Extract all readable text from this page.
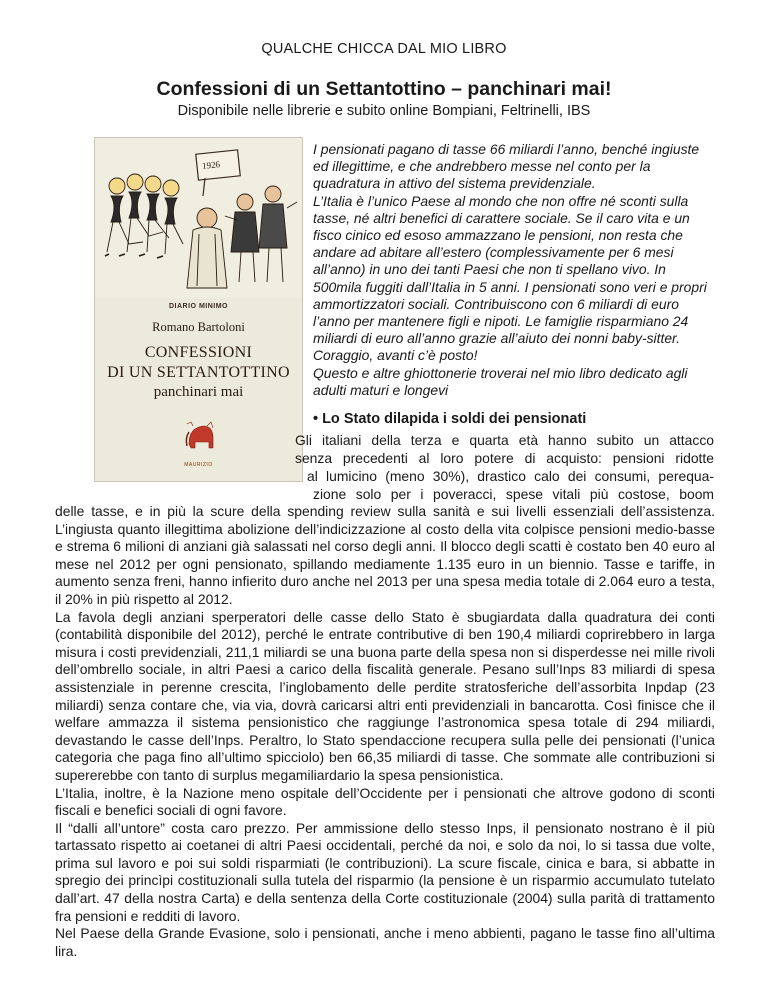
QUALCHE CHICCA DAL MIO LIBRO
Confessioni di un Settantottino – panchinari mai!
Disponibile nelle librerie e subito online Bompiani, Feltrinelli, IBS
DIARIO MINIMO
Romano Bartoloni
CONFESSIONI
DI UN SETTANTOTTINO
panchinari mai
MAURIZIO
1926

I pensionati pagano di tasse 66 miliardi l’anno, benché ingiuste ed illegittime, e che andrebbero messe nel conto per la quadratura in attivo del sistema previdenziale.

L’Italia è l’unico Paese al mondo che non offre né sconti sulla tasse, né altri benefici di carattere sociale. Se il caro vita e un fisco cinico ed esoso ammazzano le pensioni, non resta che andare ad abitare all’estero (complessivamente per 6 mesi all’anno) in uno dei tanti Paesi che non ti spellano vivo. In 500mila fuggiti dall’Italia in 5 anni. I pensionati sono veri e propri ammortizzatori sociali. Contribuiscono con 6 miliardi di euro l’anno per mantenere figli e nipoti. Le famiglie risparmiano 24 miliardi di euro all’anno grazie all’aiuto dei nonni baby-sitter. Coraggio, avanti c’è posto!

Questo e altre ghiottonerie troverai nel mio libro dedicato agli adulti maturi e longevi

• Lo Stato dilapida i soldi dei pensionati
Gli italiani della terza e quarta età hanno subito un attacco
senza precedenti al loro potere di acquisto: pensioni ridotte
al lumicino (meno 30%), drastico calo dei consumi, perequa-
zione solo per i poveracci, spese vitali più costose, boom

delle tasse, e in più la scure della spending review sulla sanità e sui livelli essenziali dell’assistenza. L’ingiusta quanto illegittima abolizione dell’indicizzazione al costo della vita colpisce pensioni medio-basse e strema 6 milioni di anziani già salassati nel corso degli anni. Il blocco degli scatti è costato ben 40 euro al mese nel 2012 per ogni pensionato, spillando mediamente 1.135 euro in un biennio. Tasse e tariffe, in aumento senza freni, hanno infierito duro anche nel 2013 per una spesa media totale di 2.064 euro a testa, il 20% in più rispetto al 2012.

La favola degli anziani sperperatori delle casse dello Stato è sbugiardata dalla quadratura dei conti (contabilità disponibile del 2012), perché le entrate contributive di ben 190,4 miliardi coprirebbero in larga misura i costi previdenziali, 211,1 miliardi se una buona parte della spesa non si disperdesse nei mille rivoli dell’ombrello sociale, in altri Paesi a carico della fiscalità generale. Pesano sull’Inps 83 miliardi di spesa assistenziale in perenne crescita, l’inglobamento delle perdite stratosferiche dell’assorbita Inpdap (23 miliardi) senza contare che, via via, dovrà caricarsi altri enti previdenziali in bancarotta. Così finisce che il welfare ammazza il sistema pensionistico che raggiunge l’astronomica spesa totale di 294 miliardi, devastando le casse dell’Inps. Peraltro, lo Stato spendaccione recupera sulla pelle dei pensionati (l’unica categoria che paga fino all’ultimo spicciolo) ben 66,35 miliardi di tasse. Che sommate alle contribuzioni si supererebbe con tanto di surplus megamiliardario la spesa pensionistica.

L’Italia, inoltre, è la Nazione meno ospitale dell’Occidente per i pensionati che altrove godono di sconti fiscali e benefici sociali di ogni favore.

Il “dalli all’untore” costa caro prezzo. Per ammissione dello stesso Inps, il pensionato nostrano è il più tartassato rispetto ai coetanei di altri Paesi occidentali, perché da noi, e solo da noi, lo si tassa due volte, prima sul lavoro e poi sui soldi risparmiati (le contribuzioni). La scure fiscale, cinica e bara, si abbatte in spregio dei princìpi costituzionali sulla tutela del risparmio (la pensione è un risparmio accumulato tutelato dall’art. 47 della nostra Carta) e della sentenza della Corte costituzionale (2004) sulla parità di trattamento fra pensioni e redditi di lavoro.

Nel Paese della Grande Evasione, solo i pensionati, anche i meno abbienti, pagano le tasse fino all’ultima lira.
